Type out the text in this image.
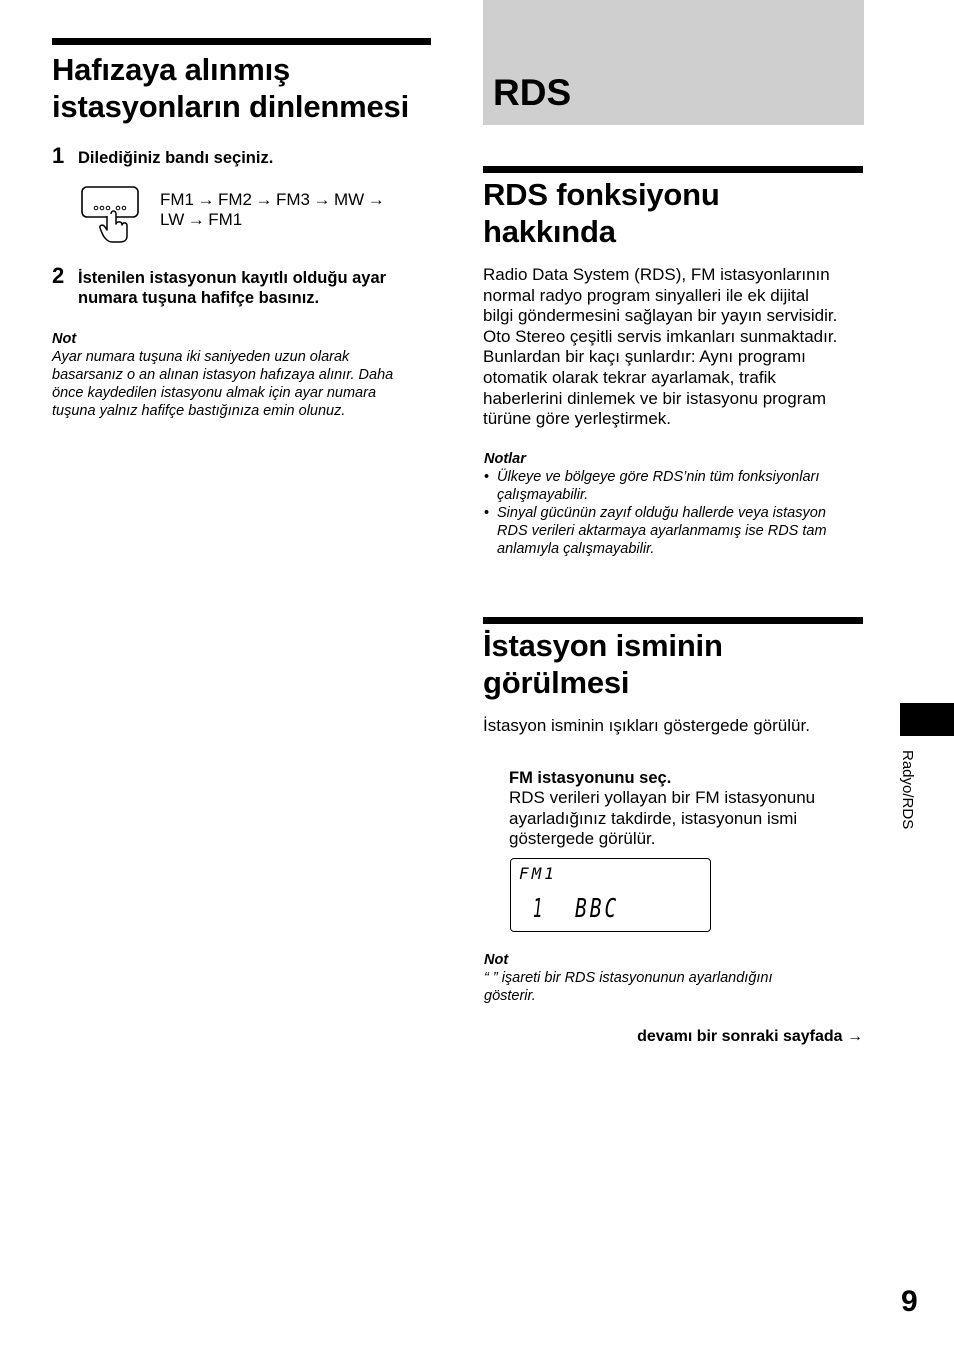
Hafızaya alınmış
istasyonların dinlenmesi
1 Dilediğiniz bandı seçiniz.
FM1 → FM2 → FM3 → MW →
LW → FM1
2 İstenilen istasyonun kayıtlı olduğu ayar
numara tuşuna hafifçe basınız.
Not
Ayar numara tuşuna iki saniyeden uzun olarak
basarsanız o an alınan istasyon hafızaya alınır. Daha
önce kaydedilen istasyonu almak için ayar numara
tuşuna yalnız hafifçe bastığınıza emin olunuz.
RDS
RDS fonksiyonu
hakkında
Radio Data System (RDS), FM istasyonlarının
normal radyo program sinyalleri ile ek dijital
bilgi göndermesini sağlayan bir yayın servisidir.
Oto Stereo çeşitli servis imkanları sunmaktadır.
Bunlardan bir kaçı şunlardır: Aynı programı
otomatik olarak tekrar ayarlamak, trafik
haberlerini dinlemek ve bir istasyonu program
türüne göre yerleştirmek.
Notlar
• Ülkeye ve bölgeye göre RDS’nin tüm fonksiyonları
çalışmayabilir.
• Sinyal gücünün zayıf olduğu hallerde veya istasyon
RDS verileri aktarmaya ayarlanmamış ise RDS tam
anlamıyla çalışmayabilir.
İstasyon isminin
görülmesi
İstasyon isminin ışıkları göstergede görülür.
FM istasyonunu seç.
RDS verileri yollayan bir FM istasyonunu
ayarladığınız takdirde, istasyonun ismi
göstergede görülür.
FM1
1 BBC
Not
“ ” işareti bir RDS istasyonunun ayarlandığını
gösterir.
devamı bir sonraki sayfada →
Radyo/RDS
9
